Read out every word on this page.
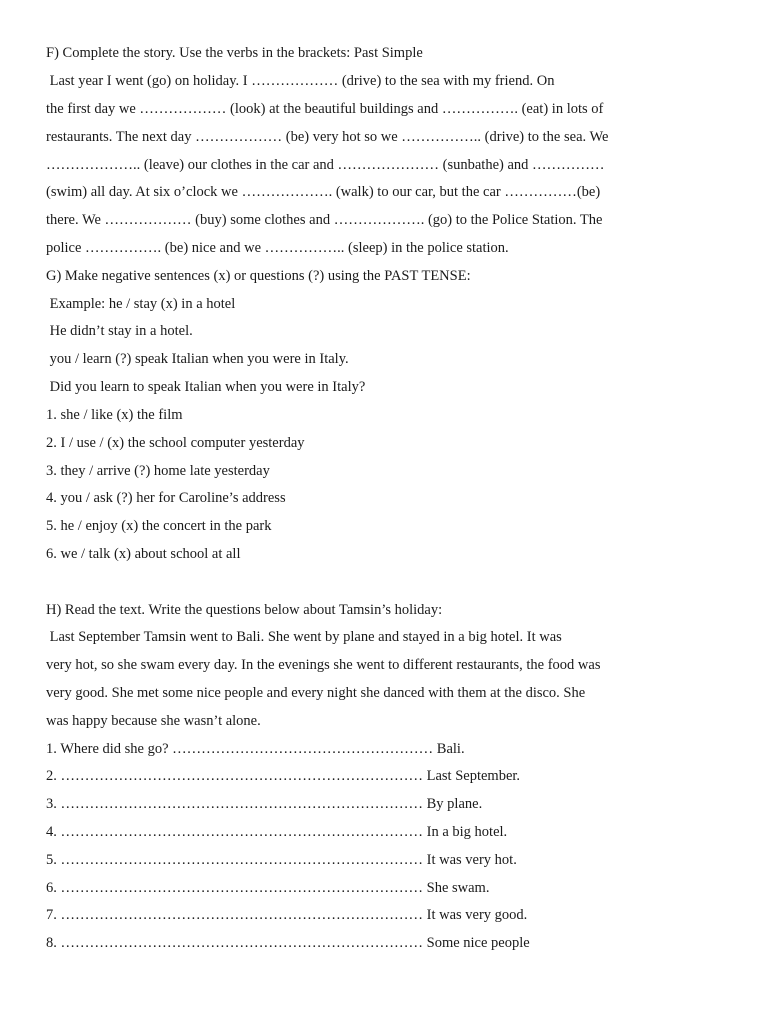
F) Complete the story. Use the verbs in the brackets: Past Simple
Last year I went (go) on holiday. I ……………… (drive) to the sea with my friend. On
the first day we ……………… (look) at the beautiful buildings and ……………. (eat) in lots of
restaurants. The next day ……………… (be) very hot so we …………….. (drive) to the sea. We
……………….. (leave) our clothes in the car and ………………… (sunbathe) and ……………
(swim) all day. At six o’clock we ………………. (walk) to our car, but the car ……………(be)
there. We ……………… (buy) some clothes and ………………. (go) to the Police Station. The
police ……………. (be) nice and we …………….. (sleep) in the police station.
G) Make negative sentences (x) or questions (?) using the PAST TENSE:
Example: he / stay (x) in a hotel
He didn’t stay in a hotel.
you / learn (?) speak Italian when you were in Italy.
Did you learn to speak Italian when you were in Italy?
1. she / like (x) the film
2. I / use / (x) the school computer yesterday
3. they / arrive (?) home late yesterday
4. you / ask (?) her for Caroline’s address
5. he / enjoy (x) the concert in the park
6. we / talk (x) about school at all
H) Read the text. Write the questions below about Tamsin’s holiday:
Last September Tamsin went to Bali. She went by plane and stayed in a big hotel. It was
very hot, so she swam every day. In the evenings she went to different restaurants, the food was
very good. She met some nice people and every night she danced with them at the disco. She
was happy because she wasn’t alone.
1. Where did she go? ……………………………………………… Bali.
2. ………………………………………………………………… Last September.
3. ………………………………………………………………… By plane.
4. ………………………………………………………………… In a big hotel.
5. ………………………………………………………………… It was very hot.
6. ………………………………………………………………… She swam.
7. ………………………………………………………………… It was very good.
8. ………………………………………………………………… Some nice people
